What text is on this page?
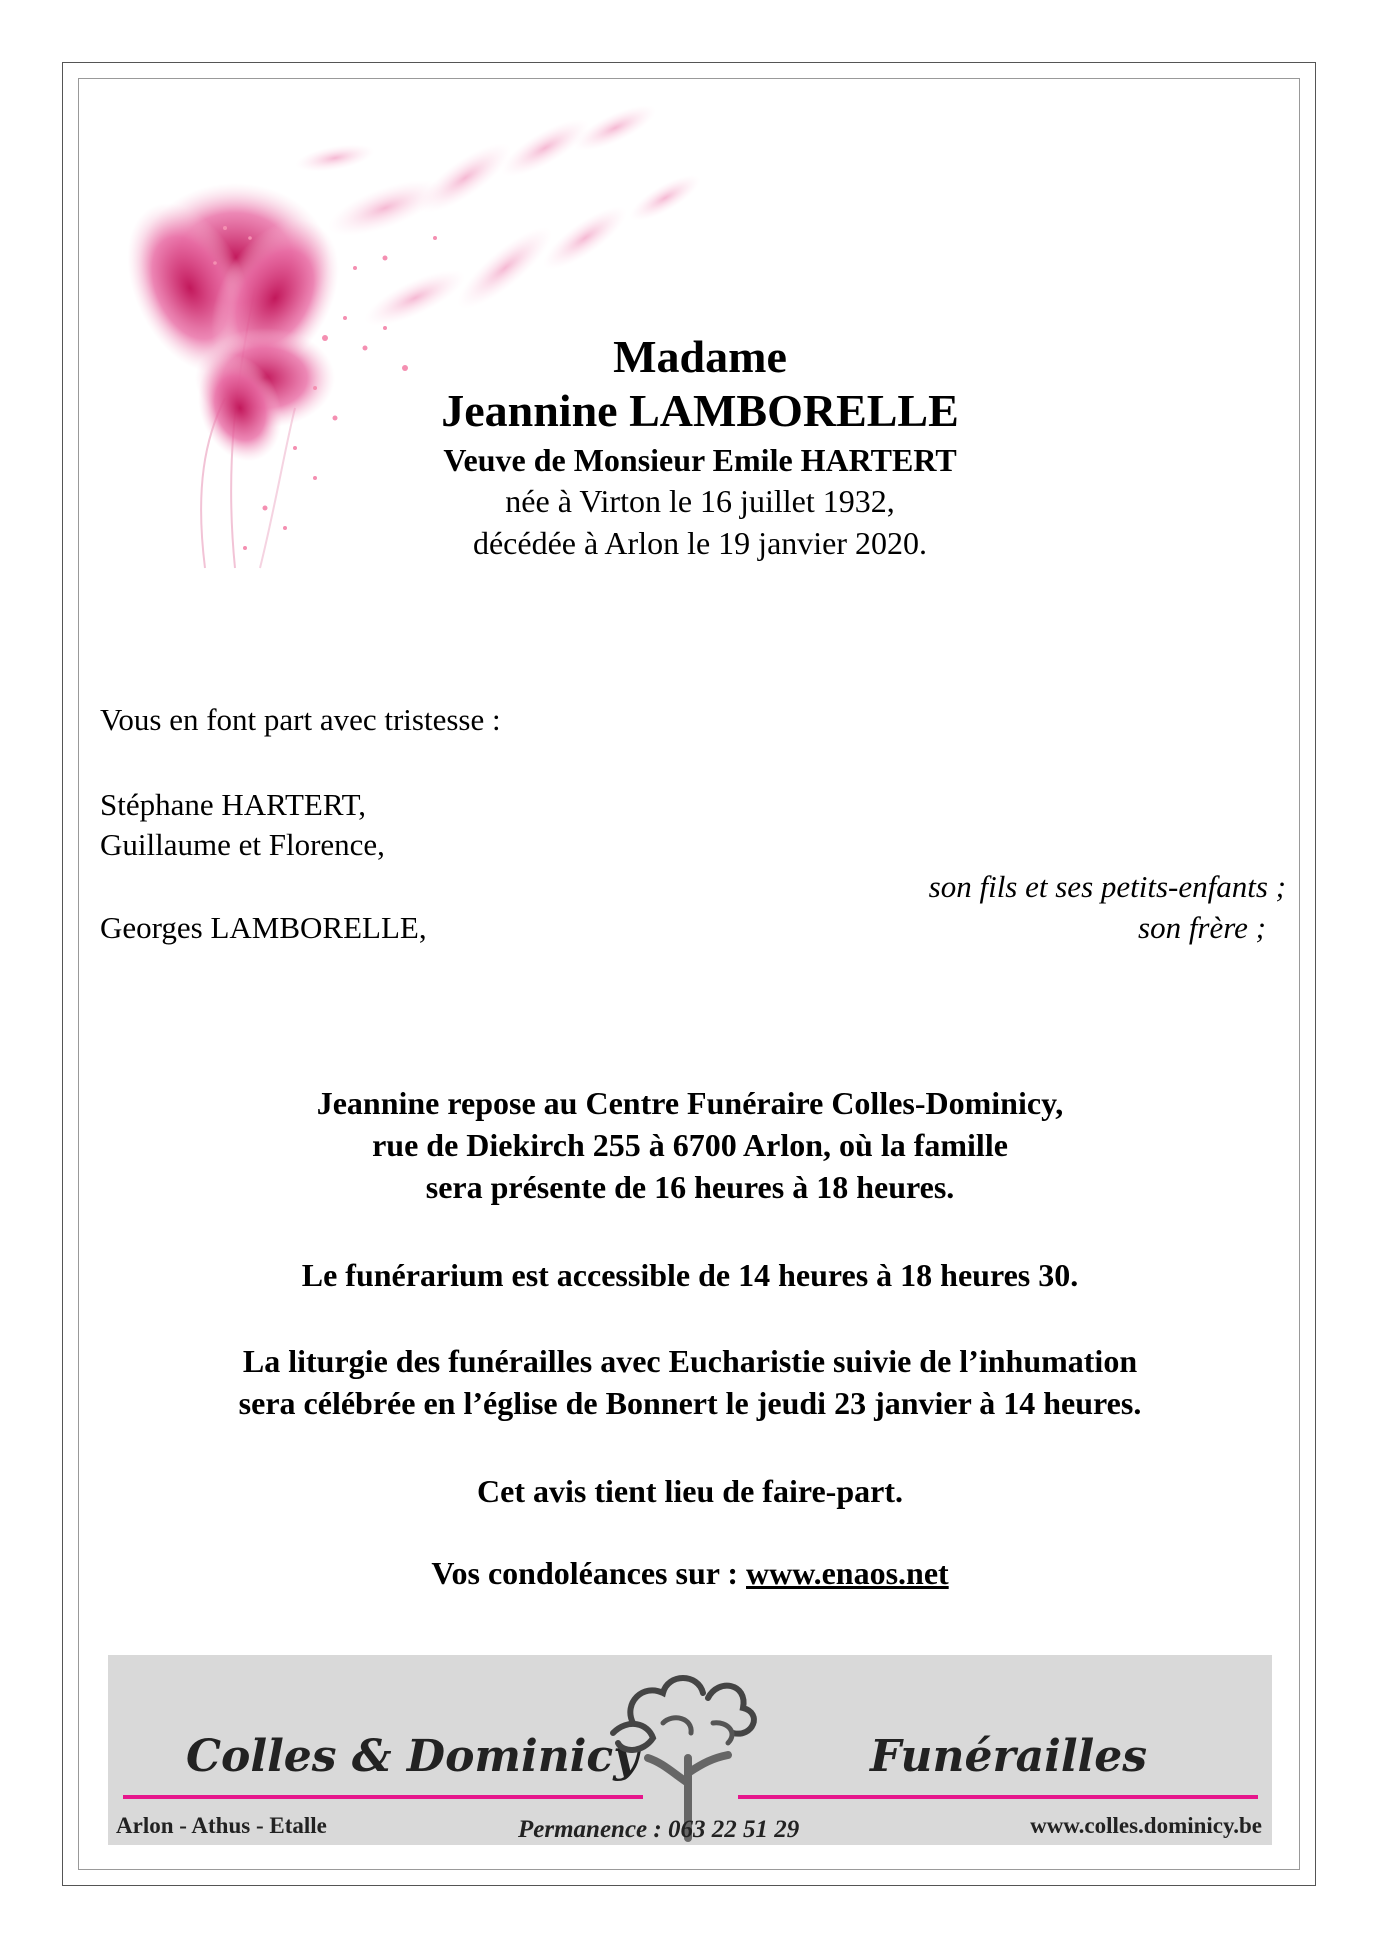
Madame
Jeannine LAMBORELLE
Veuve de Monsieur Emile HARTERT
née à Virton le 16 juillet 1932,
décédée à Arlon le 19 janvier 2020.
Vous en font part avec tristesse :
Stéphane HARTERT,
Guillaume et Florence,
son fils et ses petits-enfants ;
Georges LAMBORELLE,	son frère ;
Jeannine repose au Centre Funéraire Colles-Dominicy,
rue de Diekirch 255 à 6700 Arlon, où la famille
sera présente de 16 heures à 18 heures.
Le funérarium est accessible de 14 heures à 18 heures 30.
La liturgie des funérailles avec Eucharistie suivie de l’inhumation
sera célébrée en l’église de Bonnert le jeudi 23 janvier à 14 heures.
Cet avis tient lieu de faire-part.
Vos condoléances sur : www.enaos.net
Colles & Dominicy	Funérailles
Arlon - Athus - Etalle	Permanence : 063 22 51 29	www.colles.dominicy.be
